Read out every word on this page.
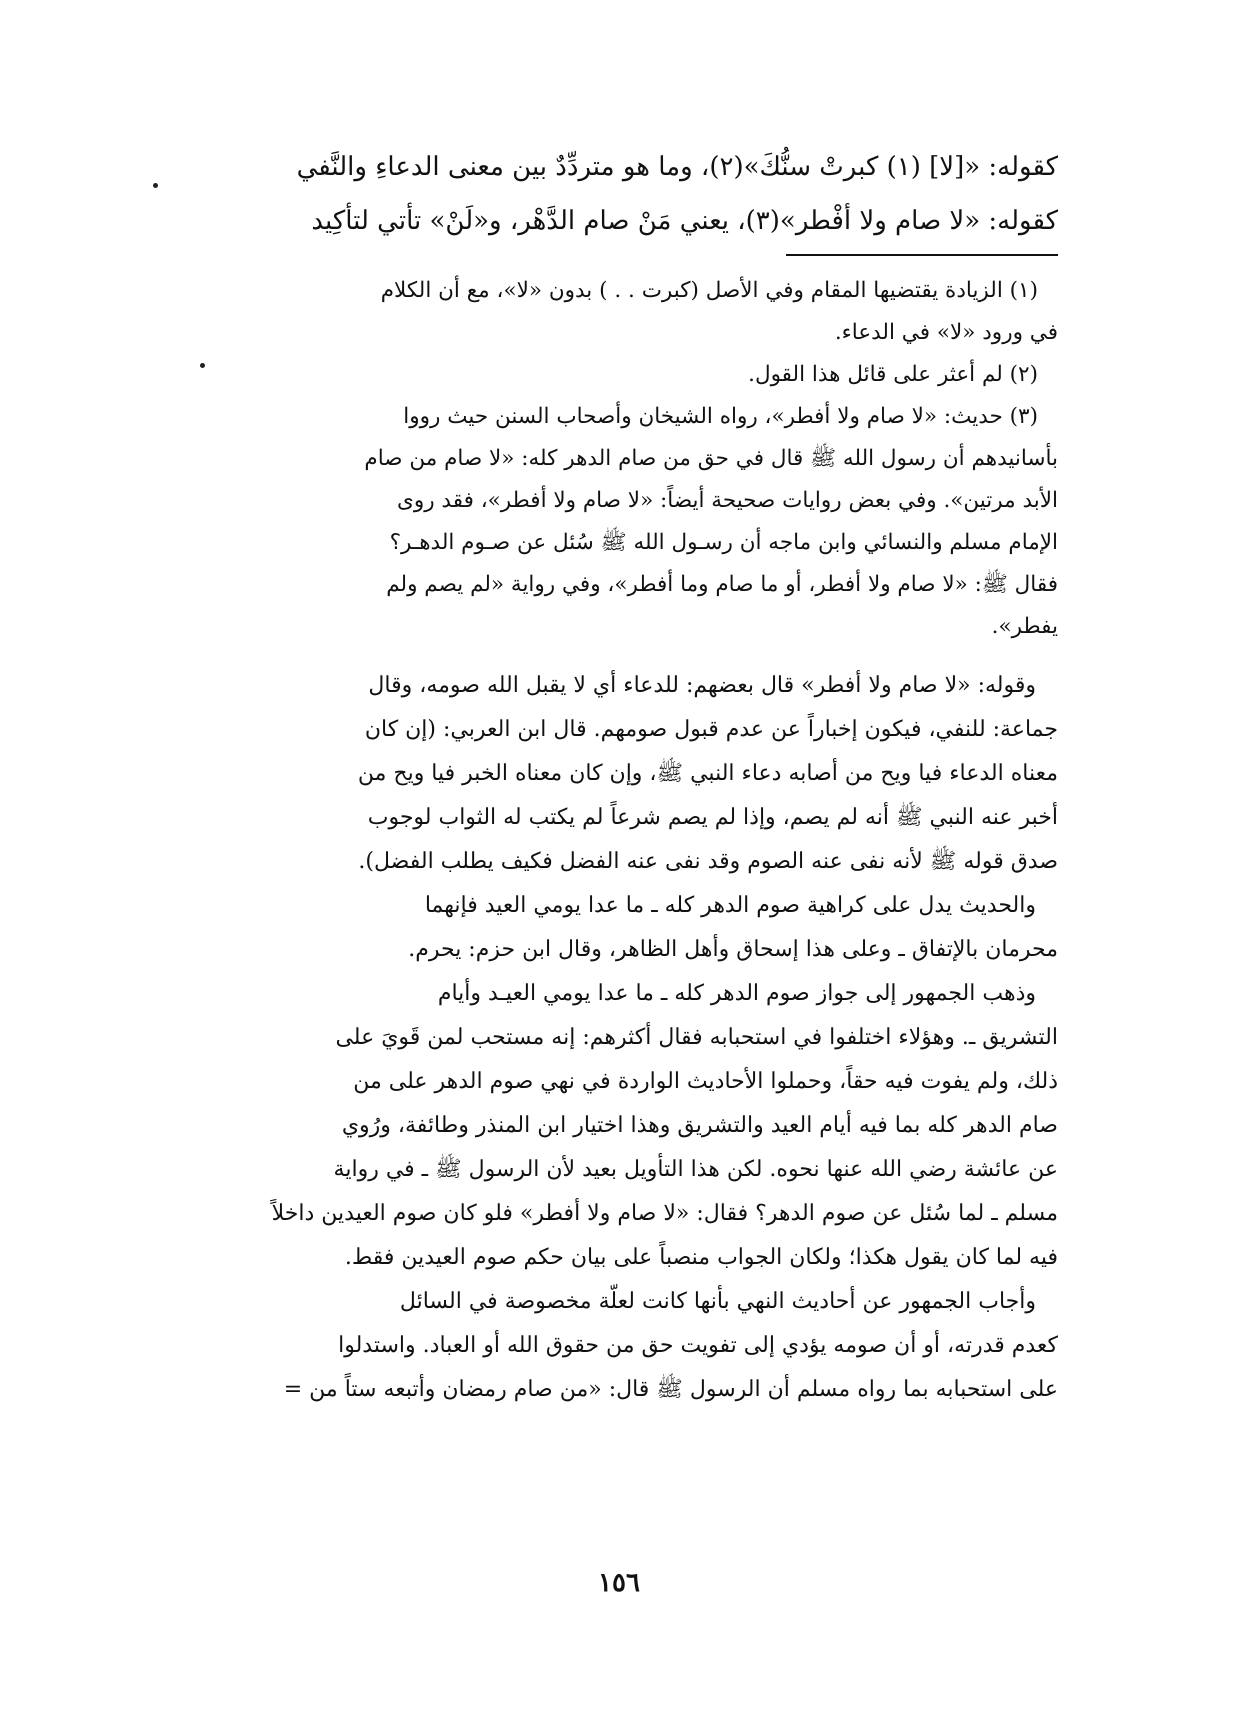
كقوله: «[لا] (١) كبرتْ سنُّكَ»(٢)، وما هو متردِّدٌ بين معنى الدعاءِ والنَّفي

كقوله: «لا صام ولا أفْطر»(٣)، يعني مَنْ صام الدَّهْر، و«لَنْ» تأتي لتأكِيد

(١) الزيادة يقتضيها المقام وفي الأصل (كبرت . . ) بدون «لا»، مع أن الكلام

في ورود «لا» في الدعاء.

(٢) لم أعثر على قائل هذا القول.

(٣) حديث: «لا صام ولا أفطر»، رواه الشيخان وأصحاب السنن حيث رووا

بأسانيدهم أن رسول الله ﷺ قال في حق من صام الدهر كله: «لا صام من صام

الأبد مرتين». وفي بعض روايات صحيحة أيضاً: «لا صام ولا أفطر»، فقد روى

الإمام مسلم والنسائي وابن ماجه أن رسـول الله ﷺ سُئل عن صـوم الدهـر؟

فقال ﷺ: «لا صام ولا أفطر، أو ما صام وما أفطر»، وفي رواية «لم يصم ولم

يفطر».

وقوله: «لا صام ولا أفطر» قال بعضهم: للدعاء أي لا يقبل الله صومه، وقال

جماعة: للنفي، فيكون إخباراً عن عدم قبول صومهم. قال ابن العربي: (إن كان

معناه الدعاء فيا ويح من أصابه دعاء النبي ﷺ، وإن كان معناه الخبر فيا ويح من

أخبر عنه النبي ﷺ أنه لم يصم، وإذا لم يصم شرعاً لم يكتب له الثواب لوجوب

صدق قوله ﷺ لأنه نفى عنه الصوم وقد نفى عنه الفضل فكيف يطلب الفضل).

والحديث يدل على كراهية صوم الدهر كله ـ ما عدا يومي العيد فإنهما

محرمان بالإتفاق ـ وعلى هذا إسحاق وأهل الظاهر، وقال ابن حزم: يحرم.

وذهب الجمهور إلى جواز صوم الدهر كله ـ ما عدا يومي العيـد وأيام

التشريق ـ. وهؤلاء اختلفوا في استحبابه فقال أكثرهم: إنه مستحب لمن قَويَ على

ذلك، ولم يفوت فيه حقاً، وحملوا الأحاديث الواردة في نهي صوم الدهر على من

صام الدهر كله بما فيه أيام العيد والتشريق وهذا اختيار ابن المنذر وطائفة، ورُوي

عن عائشة رضي الله عنها نحوه. لكن هذا التأويل بعيد لأن الرسول ﷺ ـ في رواية

مسلم ـ لما سُئل عن صوم الدهر؟ فقال: «لا صام ولا أفطر» فلو كان صوم العيدين داخلاً

فيه لما كان يقول هكذا؛ ولكان الجواب منصباً على بيان حكم صوم العيدين فقط.

وأجاب الجمهور عن أحاديث النهي بأنها كانت لعلّة مخصوصة في السائل

كعدم قدرته، أو أن صومه يؤدي إلى تفويت حق من حقوق الله أو العباد. واستدلوا

على استحبابه بما رواه مسلم أن الرسول ﷺ قال: «من صام رمضان وأتبعه ستاً من =

١٥٦
